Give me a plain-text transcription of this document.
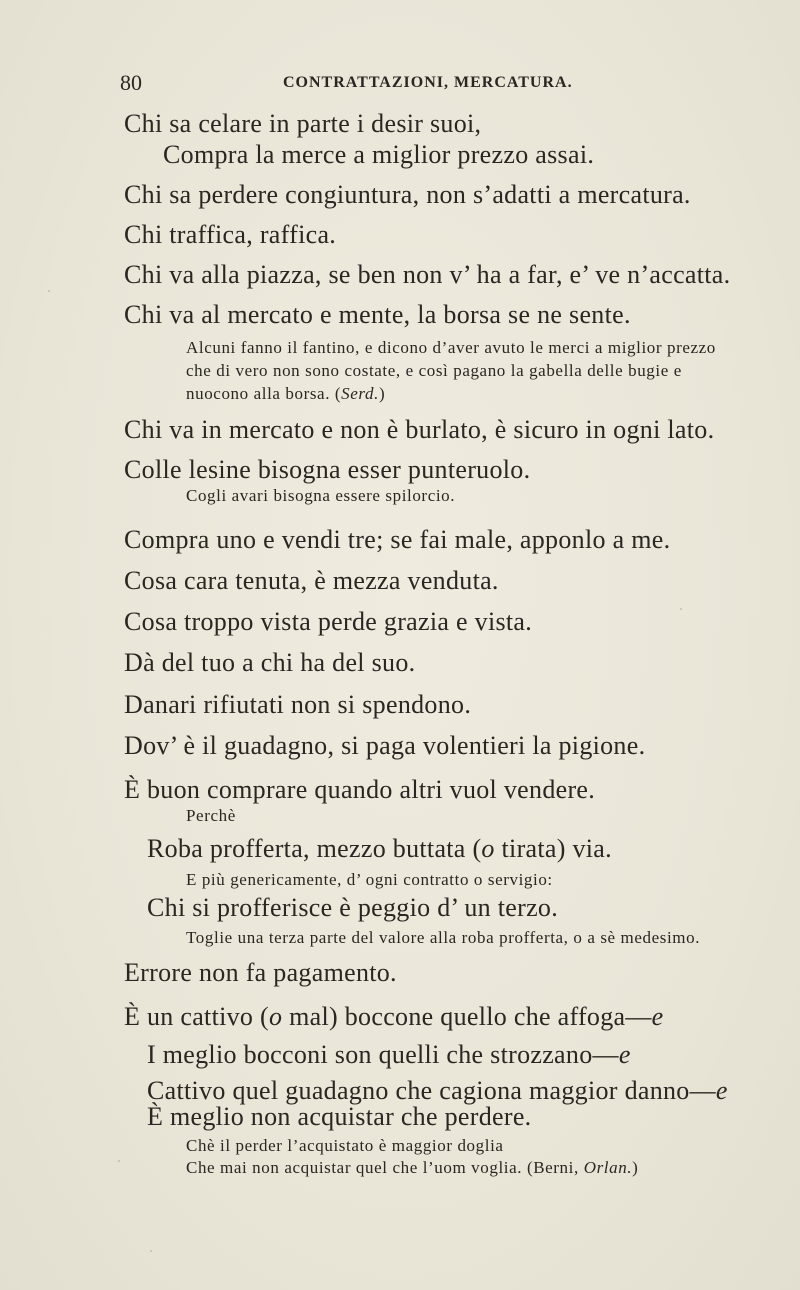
80	CONTRATTAZIONI, MERCATURA.
Chi sa celare in parte i desir suoi,
Compra la merce a miglior prezzo assai.
Chi sa perdere congiuntura, non s’adatti a mercatura.
Chi traffica, raffica.
Chi va alla piazza, se ben non v’ ha a far, e’ ve n’accatta.
Chi va al mercato e mente, la borsa se ne sente.
Alcuni fanno il fantino, e dicono d’aver avuto le merci a miglior prezzo
che di vero non sono costate, e così pagano la gabella delle bugie e
nuocono alla borsa. (Serd.)
Chi va in mercato e non è burlato, è sicuro in ogni lato.
Colle lesine bisogna esser punteruolo.
Cogli avari bisogna essere spilorcio.
Compra uno e vendi tre; se fai male, apponlo a me.
Cosa cara tenuta, è mezza venduta.
Cosa troppo vista perde grazia e vista.
Dà del tuo a chi ha del suo.
Danari rifiutati non si spendono.
Dov’ è il guadagno, si paga volentieri la pigione.
È buon comprare quando altri vuol vendere.
Perchè
Roba profferta, mezzo buttata (o tirata) via.
E più genericamente, d’ ogni contratto o servigio:
Chi si profferisce è peggio d’ un terzo.
Toglie una terza parte del valore alla roba profferta, o a sè medesimo.
Errore non fa pagamento.
È un cattivo (o mal) boccone quello che affoga—e
I meglio bocconi son quelli che strozzano—e
Cattivo quel guadagno che cagiona maggior danno—e
È meglio non acquistar che perdere.
Chè il perder l’acquistato è maggior doglia
Che mai non acquistar quel che l’uom voglia. (Berni, Orlan.)
